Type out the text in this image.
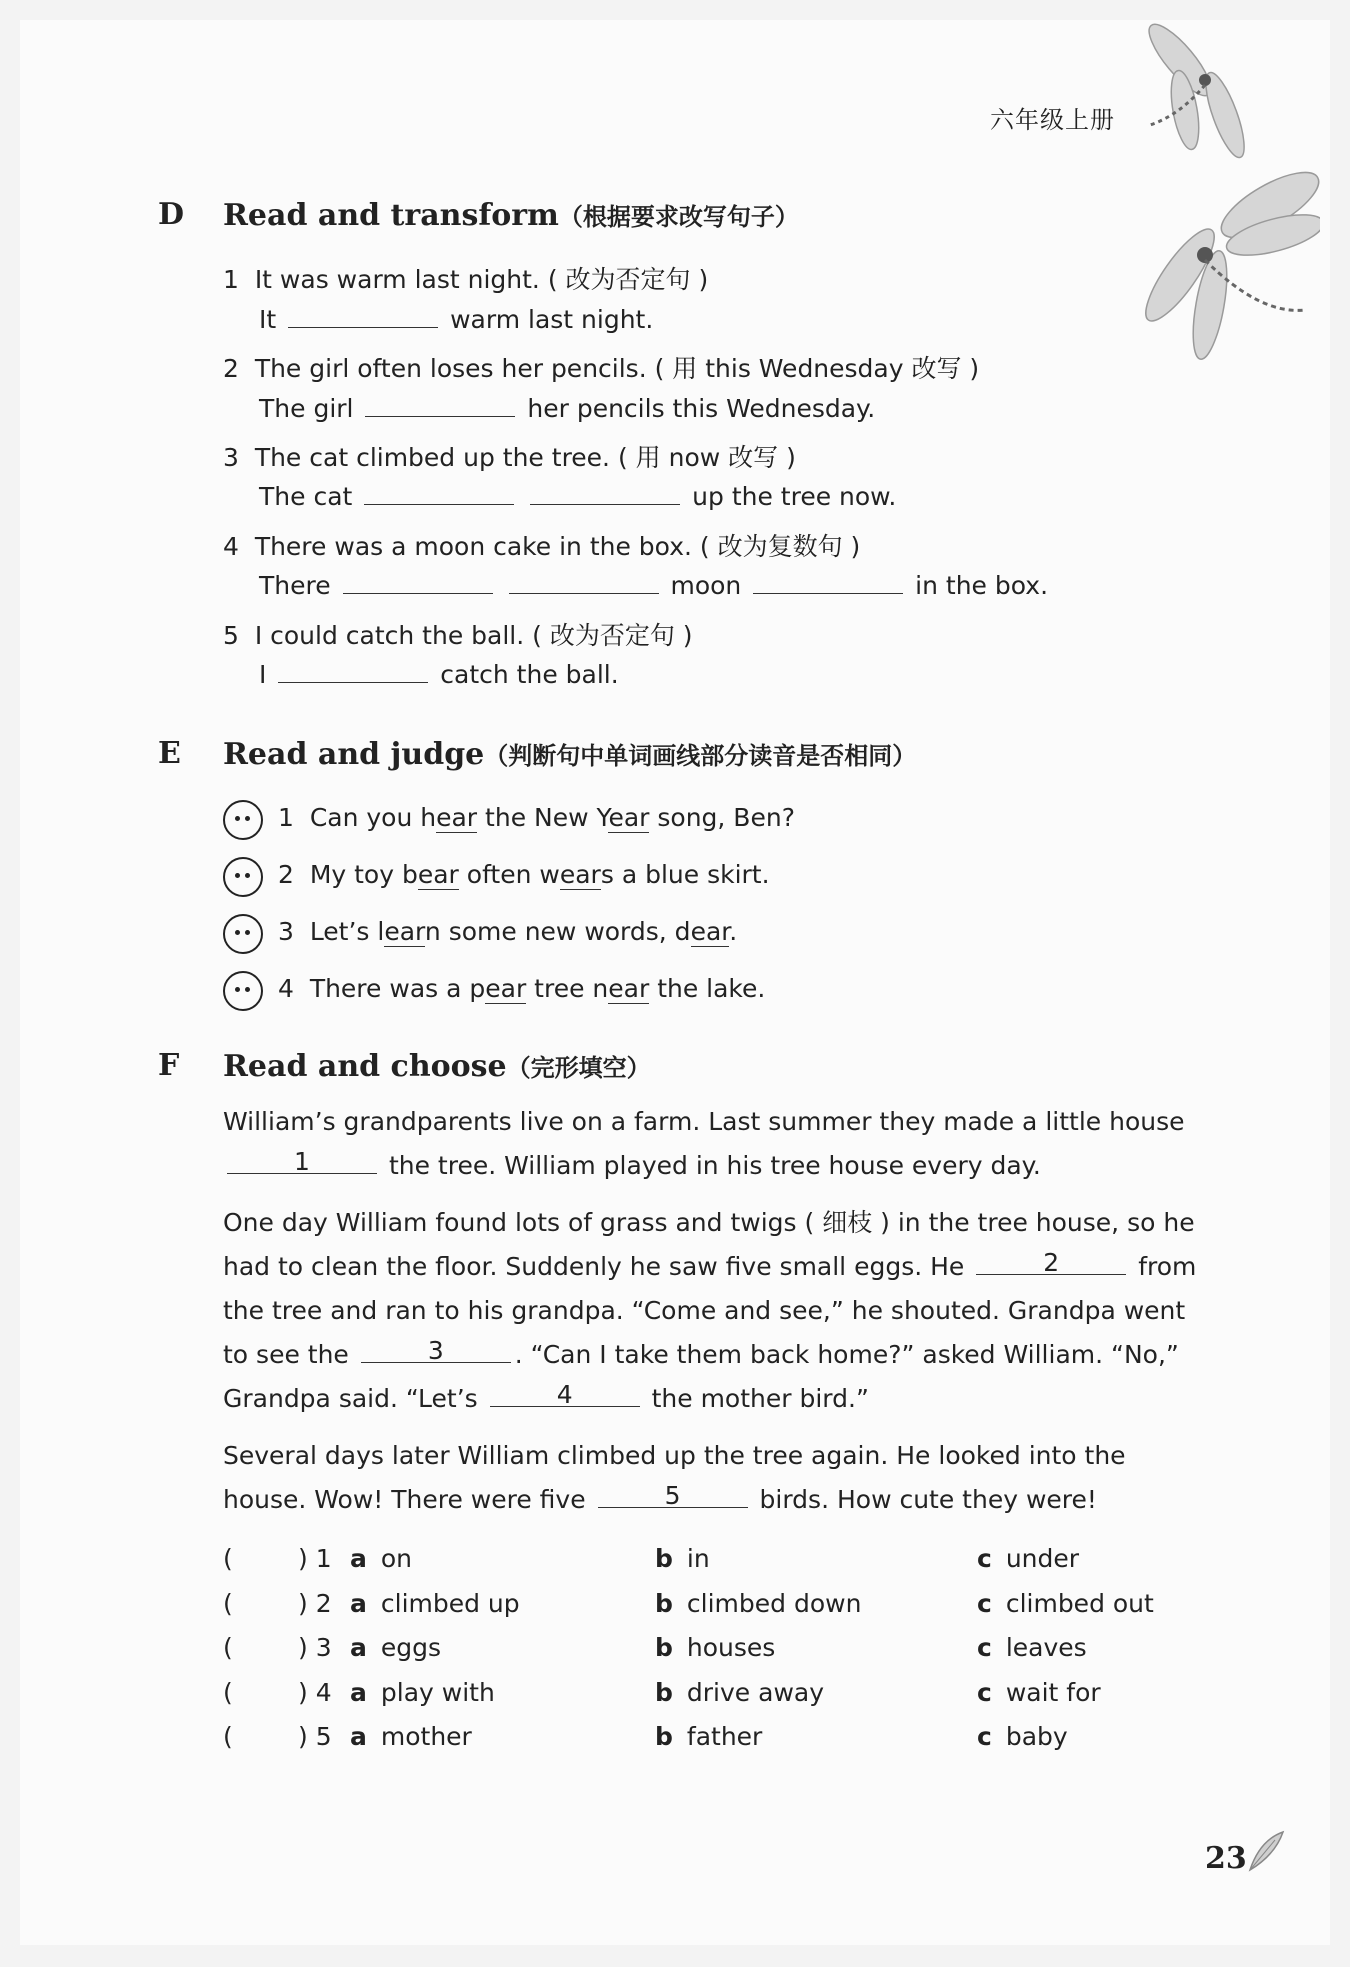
六年级上册
D Read and transform（根据要求改写句子）
1 It was warm last night. ( 改为否定句 )
It	warm last night.
2 The girl often loses her pencils. ( 用 this Wednesday 改写 )
The girl	her pencils this Wednesday.
3 The cat climbed up the tree. ( 用 now 改写 )
The cat	up the tree now.
4 There was a moon cake in the box. ( 改为复数句 )
There	moon	in the box.
5 I could catch the ball. ( 改为否定句 )
I	catch the ball.
E Read and judge（判断句中单词画线部分读音是否相同）
1 Can you hear the New Year song, Ben?
2 My toy bear often wears a blue skirt.
3 Let’s learn some new words, dear.
4 There was a pear tree near the lake.
F Read and choose（完形填空）

William’s grandparents live on a farm. Last summer they made a little house
1	the tree. William played in his tree house every day.

One day William found lots of grass and twigs ( 细枝 ) in the tree house, so he had to clean the floor. Suddenly he saw five small eggs. He	2	from the tree and ran to his grandpa. “Come and see,” he shouted. Grandpa went to see the	3	. “Can I take them back home?” asked William. “No,” Grandpa said. “Let’s	4	the mother bird.”

Several days later William climbed up the tree again. He looked into the house. Wow! There were five	5	birds. How cute they were!

(	) 1 a on	b in	c under
(	) 2 a climbed up	b climbed down	c climbed out
(	) 3 a eggs	b houses	c leaves
(	) 4 a play with	b drive away	c wait for
(	) 5 a mother	b father	c baby
23
